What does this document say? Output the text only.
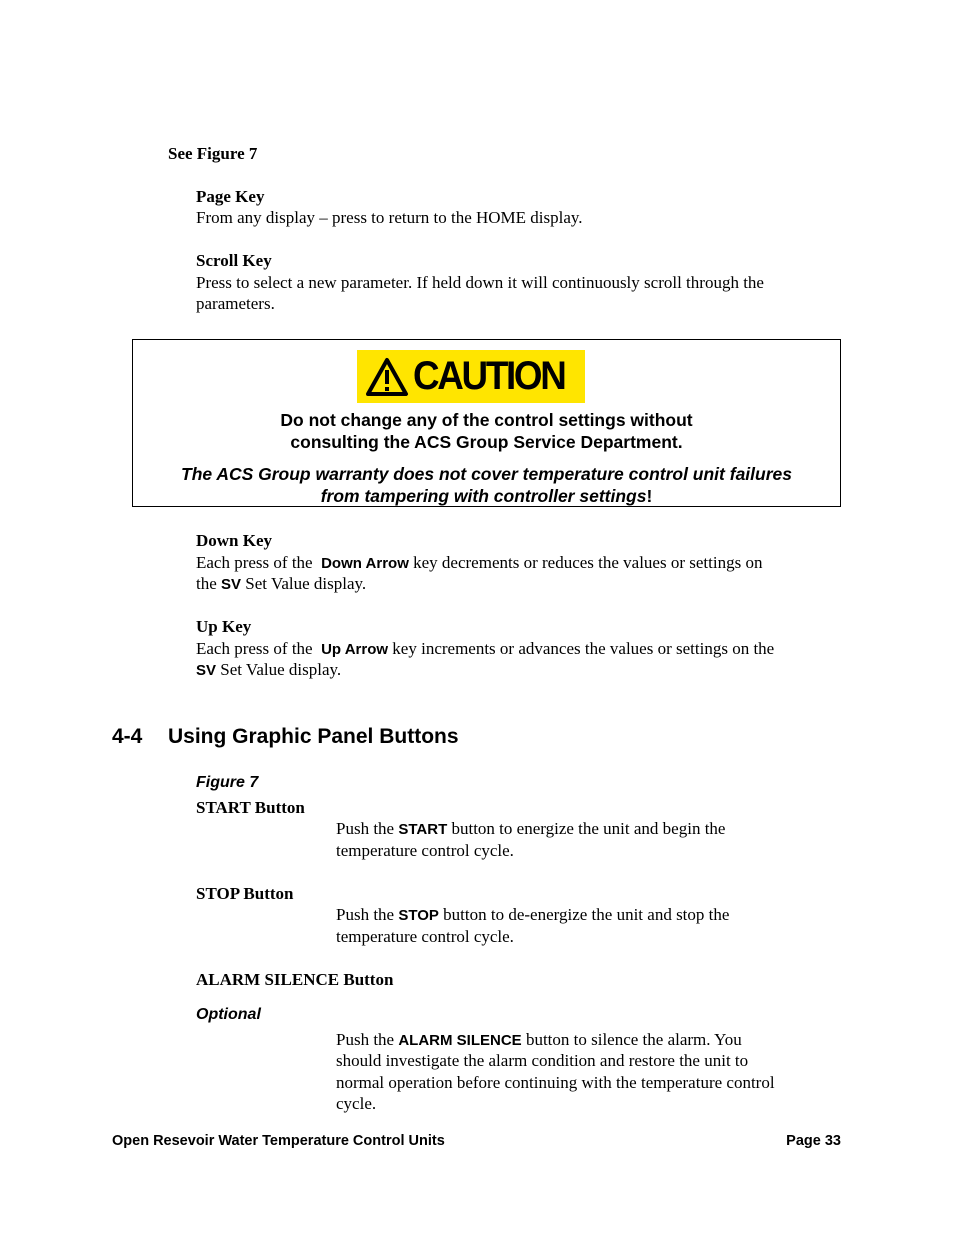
See Figure 7

Page Key

From any display – press to return to the HOME display.

Scroll Key

Press to select a new parameter. If held down it will continuously scroll through the

parameters.

CAUTION

Do not change any of the control settings without

consulting the ACS Group Service Department.

The ACS Group warranty does not cover temperature control unit failures

from tampering with controller settings!

Down Key

Each press of the  Down Arrow key decrements or reduces the values or settings on

the SV Set Value display.

Up Key

Each press of the  Up Arrow key increments or advances the values or settings on the

SV Set Value display.

4-4 Using Graphic Panel Buttons

Figure 7

START Button

Push the START button to energize the unit and begin the

temperature control cycle.

STOP Button

Push the STOP button to de-energize the unit and stop the

temperature control cycle.

ALARM SILENCE Button

Optional

Push the ALARM SILENCE button to silence the alarm. You

should investigate the alarm condition and restore the unit to

normal operation before continuing with the temperature control

cycle.

Open Resevoir Water Temperature Control Units	Page 33
